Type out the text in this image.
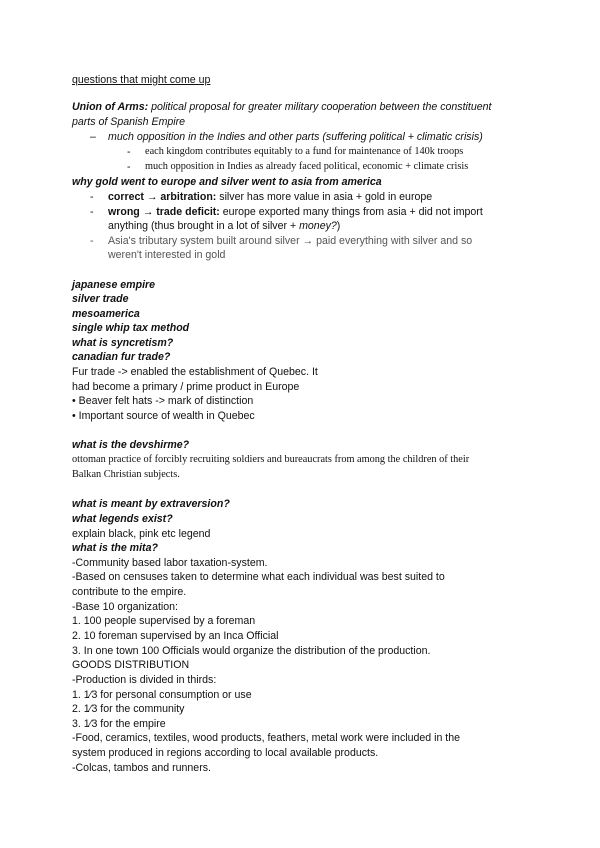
questions that might come up
Union of Arms: political proposal for greater military cooperation between the constituent
parts of Spanish Empire
– much opposition in the Indies and other parts (suffering political + climatic crisis)
- each kingdom contributes equitably to a fund for maintenance of 140k troops
- much opposition in Indies as already faced political, economic + climate crisis
why gold went to europe and silver went to asia from america
- correct → arbitration: silver has more value in asia + gold in europe
- wrong → trade deficit: europe exported many things from asia + did not import
anything (thus brought in a lot of silver + money?)
- Asia's tributary system built around silver → paid everything with silver and so
weren't interested in gold
japanese empire
silver trade
mesoamerica
single whip tax method
what is syncretism?
canadian fur trade?
Fur trade -> enabled the establishment of Quebec. It
had become a primary / prime product in Europe
• Beaver felt hats -> mark of distinction
• Important source of wealth in Quebec
what is the devshirme?
ottoman practice of forcibly recruiting soldiers and bureaucrats from among the children of their
Balkan Christian subjects.
what is meant by extraversion?
what legends exist?
explain black, pink etc legend
what is the mita?
-Community based labor taxation-system.
-Based on censuses taken to determine what each individual was best suited to
contribute to the empire.
-Base 10 organization:
1. 100 people supervised by a foreman
2. 10 foreman supervised by an Inca Official
3. In one town 100 Officials would organize the distribution of the production.
GOODS DISTRIBUTION
-Production is divided in thirds:
1. 1⁄3 for personal consumption or use
2. 1⁄3 for the community
3. 1⁄3 for the empire
-Food, ceramics, textiles, wood products, feathers, metal work were included in the
system produced in regions according to local available products.
-Colcas, tambos and runners.
